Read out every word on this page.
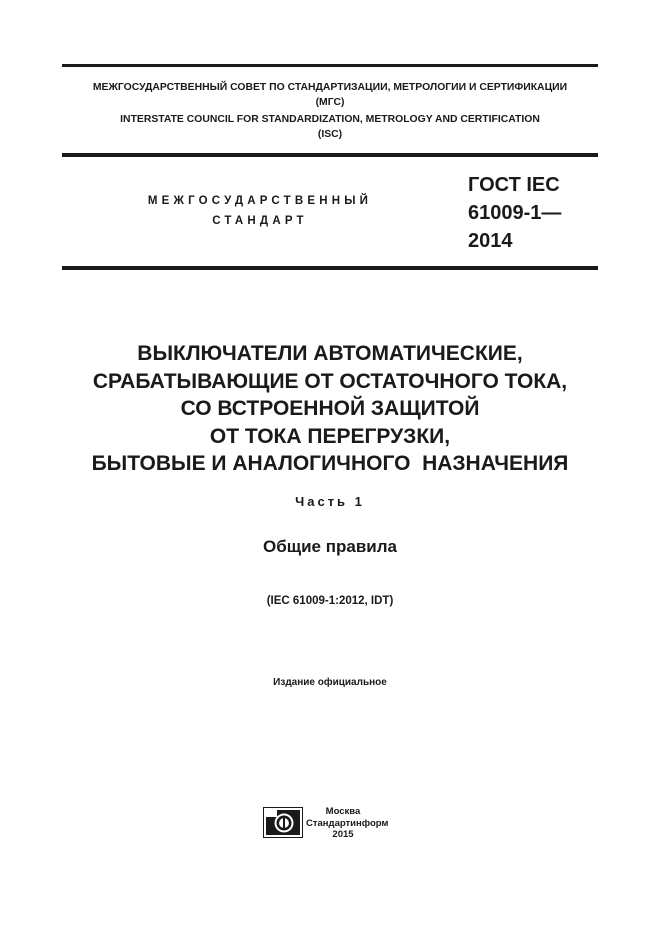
МЕЖГОСУДАРСТВЕННЫЙ СОВЕТ ПО СТАНДАРТИЗАЦИИ, МЕТРОЛОГИИ И СЕРТИФИКАЦИИ
(МГС)
INTERSTATE COUNCIL FOR STANDARDIZATION, METROLOGY AND CERTIFICATION
(ISC)
МЕЖГОСУДАРСТВЕННЫЙ
СТАНДАРТ
ГОСТ IEC
61009-1—
2014
ВЫКЛЮЧАТЕЛИ АВТОМАТИЧЕСКИЕ,
СРАБАТЫВАЮЩИЕ ОТ ОСТАТОЧНОГО ТОКА,
СО ВСТРОЕННОЙ ЗАЩИТОЙ
ОТ ТОКА ПЕРЕГРУЗКИ,
БЫТОВЫЕ И АНАЛОГИЧНОГО  НАЗНАЧЕНИЯ
Часть 1
Общие правила
(IEC 61009-1:2012, IDT)
Издание официальное
Москва
Стандартинформ
2015
